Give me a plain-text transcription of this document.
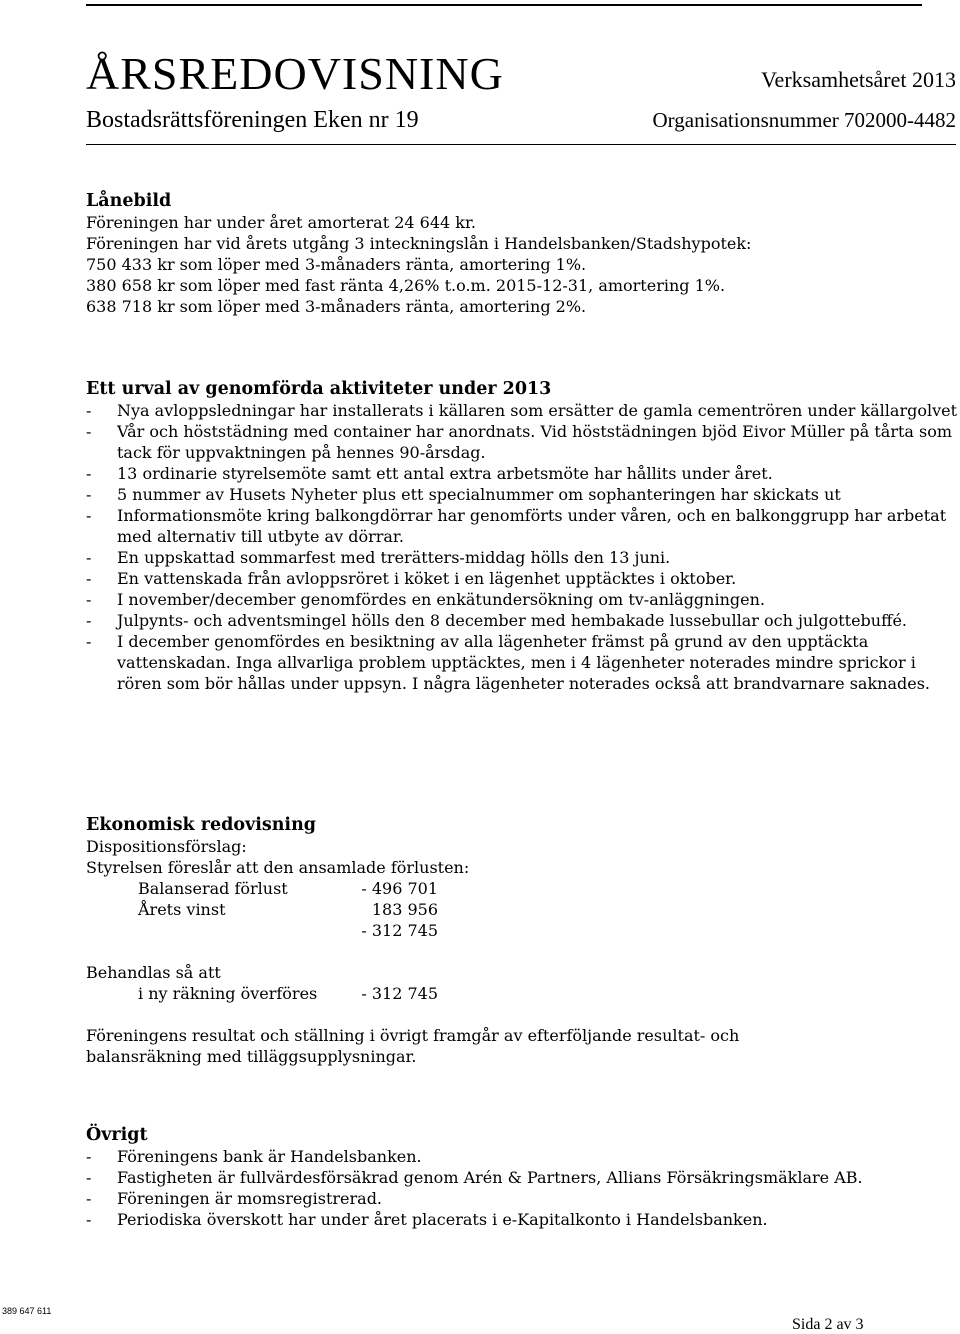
ÅRSREDOVISNING	Verksamhetsåret 2013
Bostadsrättsföreningen Eken nr 19	Organisationsnummer 702000-4482
Lånebild

Föreningen har under året amorterat 24 644 kr.

Föreningen har vid årets utgång 3 inteckningslån i Handelsbanken/Stadshypotek:

750 433 kr som löper med 3-månaders ränta, amortering 1%.

380 658 kr som löper med fast ränta 4,26% t.o.m. 2015-12-31, amortering 1%.

638 718 kr som löper med 3-månaders ränta, amortering 2%.

Ett urval av genomförda aktiviteter under 2013
-	Nya avloppsledningar har installerats i källaren som ersätter de gamla cementrören under källargolvet
-	Vår och höststädning med container har anordnats. Vid höststädningen bjöd Eivor Müller på tårta som tack för uppvaktningen på hennes 90-årsdag.
-	13 ordinarie styrelsemöte samt ett antal extra arbetsmöte har hållits under året.
-	5 nummer av Husets Nyheter plus ett specialnummer om sophanteringen har skickats ut
-	Informationsmöte kring balkongdörrar har genomförts under våren, och en balkonggrupp har arbetat med alternativ till utbyte av dörrar.
-	En uppskattad sommarfest med trerätters-middag hölls den 13 juni.
-	En vattenskada från avloppsröret i köket i en lägenhet upptäcktes i oktober.
-	I november/december genomfördes en enkätundersökning om tv-anläggningen.
-	Julpynts- och adventsmingel hölls den 8 december med hembakade lussebullar och julgottebuffé.
-	I december genomfördes en besiktning av alla lägenheter främst på grund av den upptäckta vattenskadan. Inga allvarliga problem upptäcktes, men i 4 lägenheter noterades mindre sprickor i rören som bör hållas under uppsyn. I några lägenheter noterades också att brandvarnare saknades.
Ekonomisk redovisning

Dispositionsförslag:

Styrelsen föreslår att den ansamlade förlusten:

Balanserad förlust	- 496 701
Årets vinst	183 956
- 312 745

Behandlas så att

i ny räkning överföres	- 312 745

Föreningens resultat och ställning i övrigt framgår av efterföljande resultat- och balansräkning med tilläggsupplysningar.

Övrigt
-	Föreningens bank är Handelsbanken.
-	Fastigheten är fullvärdesförsäkrad genom Arén & Partners, Allians Försäkringsmäklare AB.
-	Föreningen är momsregistrerad.
-	Periodiska överskott har under året placerats i e-Kapitalkonto i Handelsbanken.
389 647 611
Sida 2 av 3
